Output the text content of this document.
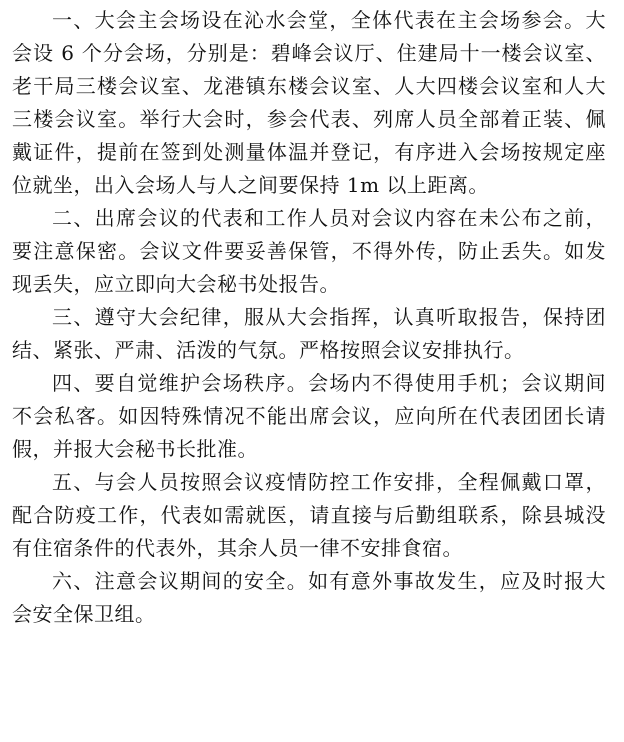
一、大会主会场设在沁水会堂，全体代表在主会场参会。大
会设 6 个分会场，分别是：碧峰会议厅、住建局十一楼会议室、
老干局三楼会议室、龙港镇东楼会议室、人大四楼会议室和人大
三楼会议室。举行大会时，参会代表、列席人员全部着正装、佩
戴证件，提前在签到处测量体温并登记，有序进入会场按规定座
位就坐，出入会场人与人之间要保持 1m 以上距离。
二、出席会议的代表和工作人员对会议内容在未公布之前，
要注意保密。会议文件要妥善保管，不得外传，防止丢失。如发
现丢失，应立即向大会秘书处报告。
三、遵守大会纪律，服从大会指挥，认真听取报告，保持团
结、紧张、严肃、活泼的气氛。严格按照会议安排执行。
四、要自觉维护会场秩序。会场内不得使用手机；会议期间
不会私客。如因特殊情况不能出席会议，应向所在代表团团长请
假，并报大会秘书长批准。
五、与会人员按照会议疫情防控工作安排，全程佩戴口罩，
配合防疫工作，代表如需就医，请直接与后勤组联系，除县城没
有住宿条件的代表外，其余人员一律不安排食宿。
六、注意会议期间的安全。如有意外事故发生，应及时报大
会安全保卫组。
